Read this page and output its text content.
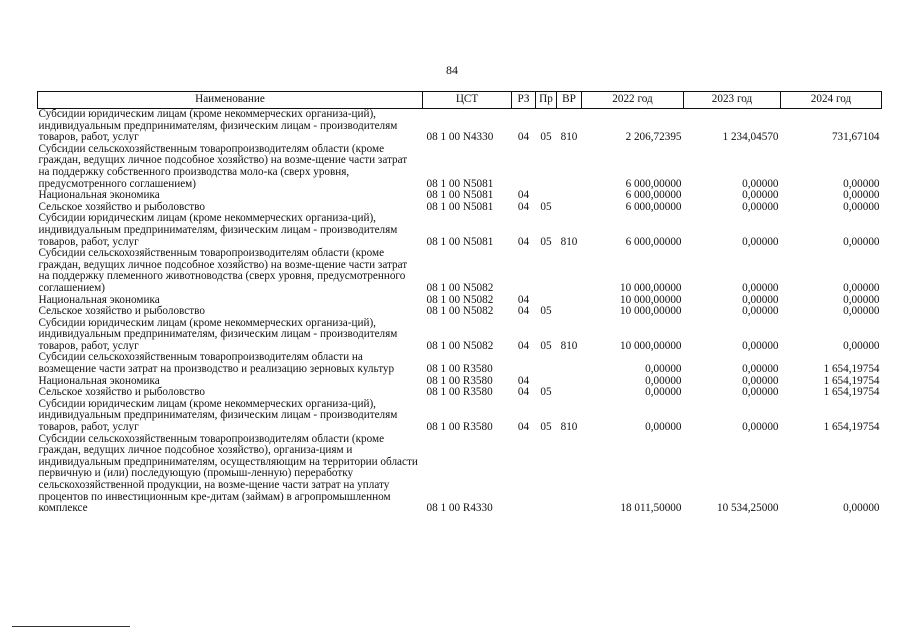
84
Наименование	ЦСТ	РЗ	Пр	ВР	2022 год	2023 год	2024 год
Субсидии юридическим лицам (кроме некоммерческих организа-ций), индивидуальным предпринимателям, физическим лицам - производителям товаров, работ, услуг	08 1 00 N4330	04	05	810	2 206,72395	1 234,04570	731,67104
Субсидии сельскохозяйственным товаропроизводителям области (кроме граждан, ведущих личное подсобное хозяйство) на возме-щение части затрат на поддержку собственного производства моло-ка (сверх уровня, предусмотренного соглашением)	08 1 00 N5081				6 000,00000	0,00000	0,00000
Национальная экономика	08 1 00 N5081	04			6 000,00000	0,00000	0,00000
Сельское хозяйство и рыболовство	08 1 00 N5081	04	05		6 000,00000	0,00000	0,00000
Субсидии юридическим лицам (кроме некоммерческих организа-ций), индивидуальным предпринимателям, физическим лицам - производителям товаров, работ, услуг	08 1 00 N5081	04	05	810	6 000,00000	0,00000	0,00000
Субсидии сельскохозяйственным товаропроизводителям области (кроме граждан, ведущих личное подсобное хозяйство) на возме-щение части затрат на поддержку племенного животноводства (сверх уровня, предусмотренного соглашением)	08 1 00 N5082				10 000,00000	0,00000	0,00000
Национальная экономика	08 1 00 N5082	04			10 000,00000	0,00000	0,00000
Сельское хозяйство и рыболовство	08 1 00 N5082	04	05		10 000,00000	0,00000	0,00000
Субсидии юридическим лицам (кроме некоммерческих организа-ций), индивидуальным предпринимателям, физическим лицам - производителям товаров, работ, услуг	08 1 00 N5082	04	05	810	10 000,00000	0,00000	0,00000
Субсидии сельскохозяйственным товаропроизводителям области на возмещение части затрат на производство и реализацию зерновых культур	08 1 00 R3580				0,00000	0,00000	1 654,19754
Национальная экономика	08 1 00 R3580	04			0,00000	0,00000	1 654,19754
Сельское хозяйство и рыболовство	08 1 00 R3580	04	05		0,00000	0,00000	1 654,19754
Субсидии юридическим лицам (кроме некоммерческих организа-ций), индивидуальным предпринимателям, физическим лицам - производителям товаров, работ, услуг	08 1 00 R3580	04	05	810	0,00000	0,00000	1 654,19754
Субсидии сельскохозяйственным товаропроизводителям области (кроме граждан, ведущих личное подсобное хозяйство), организа-циям и индивидуальным предпринимателям, осуществляющим на территории области первичную и (или) последующую (промыш-ленную) переработку сельскохозяйственной продукции, на возме-щение части затрат на уплату процентов по инвестиционным кре-дитам (займам) в агропромышленном комплексе	08 1 00 R4330				18 011,50000	10 534,25000	0,00000
